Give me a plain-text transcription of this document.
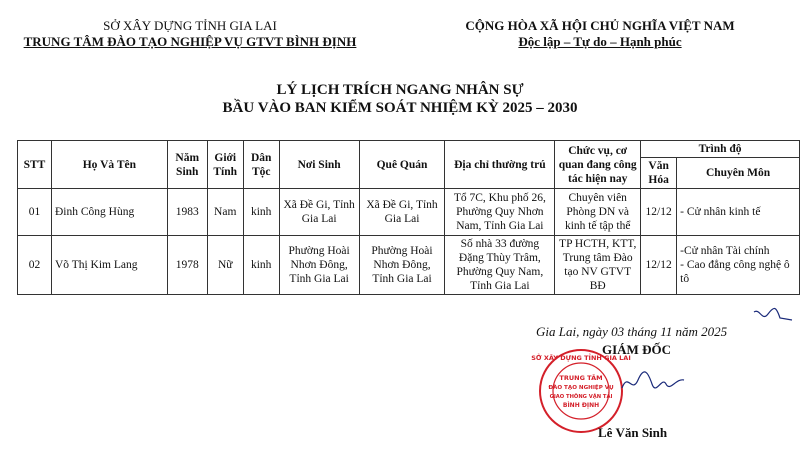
SỞ XÂY DỰNG TỈNH GIA LAI
TRUNG TÂM ĐÀO TẠO NGHIỆP VỤ GTVT BÌNH ĐỊNH
CỘNG HÒA XÃ HỘI CHỦ NGHĨA VIỆT NAM
Độc lập – Tự do – Hạnh phúc
LÝ LỊCH TRÍCH NGANG NHÂN SỰ
BẦU VÀO BAN KIỂM SOÁT NHIỆM KỲ 2025 – 2030
STT	Họ Và Tên	Năm Sinh	Giới Tính	Dân Tộc	Nơi Sinh	Quê Quán	Địa chỉ thường trú	Chức vụ, cơ quan đang công tác hiện nay	Trình độ	
									Văn Hóa	Chuyên Môn
01	Đinh Công Hùng	1983	Nam	kinh	Xã Đề Gi, Tỉnh Gia Lai	Xã Đề Gi, Tỉnh Gia Lai	Tổ 7C, Khu phố 26, Phường Quy Nhơn Nam, Tỉnh Gia Lai	Chuyên viên Phòng DN và kinh tế tập thể	12/12	- Cử nhân kinh tế

02	Võ Thị Kim Lang	1978	Nữ	kinh	Phường Hoài Nhơn Đông, Tỉnh Gia Lai	Phường Hoài Nhơn Đông, Tỉnh Gia Lai	Số nhà 33 đường Đặng Thùy Trâm, Phường Quy Nam, Tỉnh Gia Lai	TP HCTH, KTT, Trung tâm Đào tạo NV GTVT BĐ	12/12	-Cử nhân Tài chính
- Cao đẳng công nghệ ô tô
Gia Lai, ngày 03 tháng 11 năm 2025
GIÁM ĐỐC
TRUNG TÂM
ĐÀO TẠO NGHIỆP VỤ
GIAO THÔNG VẬN TẢI
BÌNH ĐỊNH
SỞ XÂY DỰNG TỈNH GIA LAI
Lê Văn Sinh
